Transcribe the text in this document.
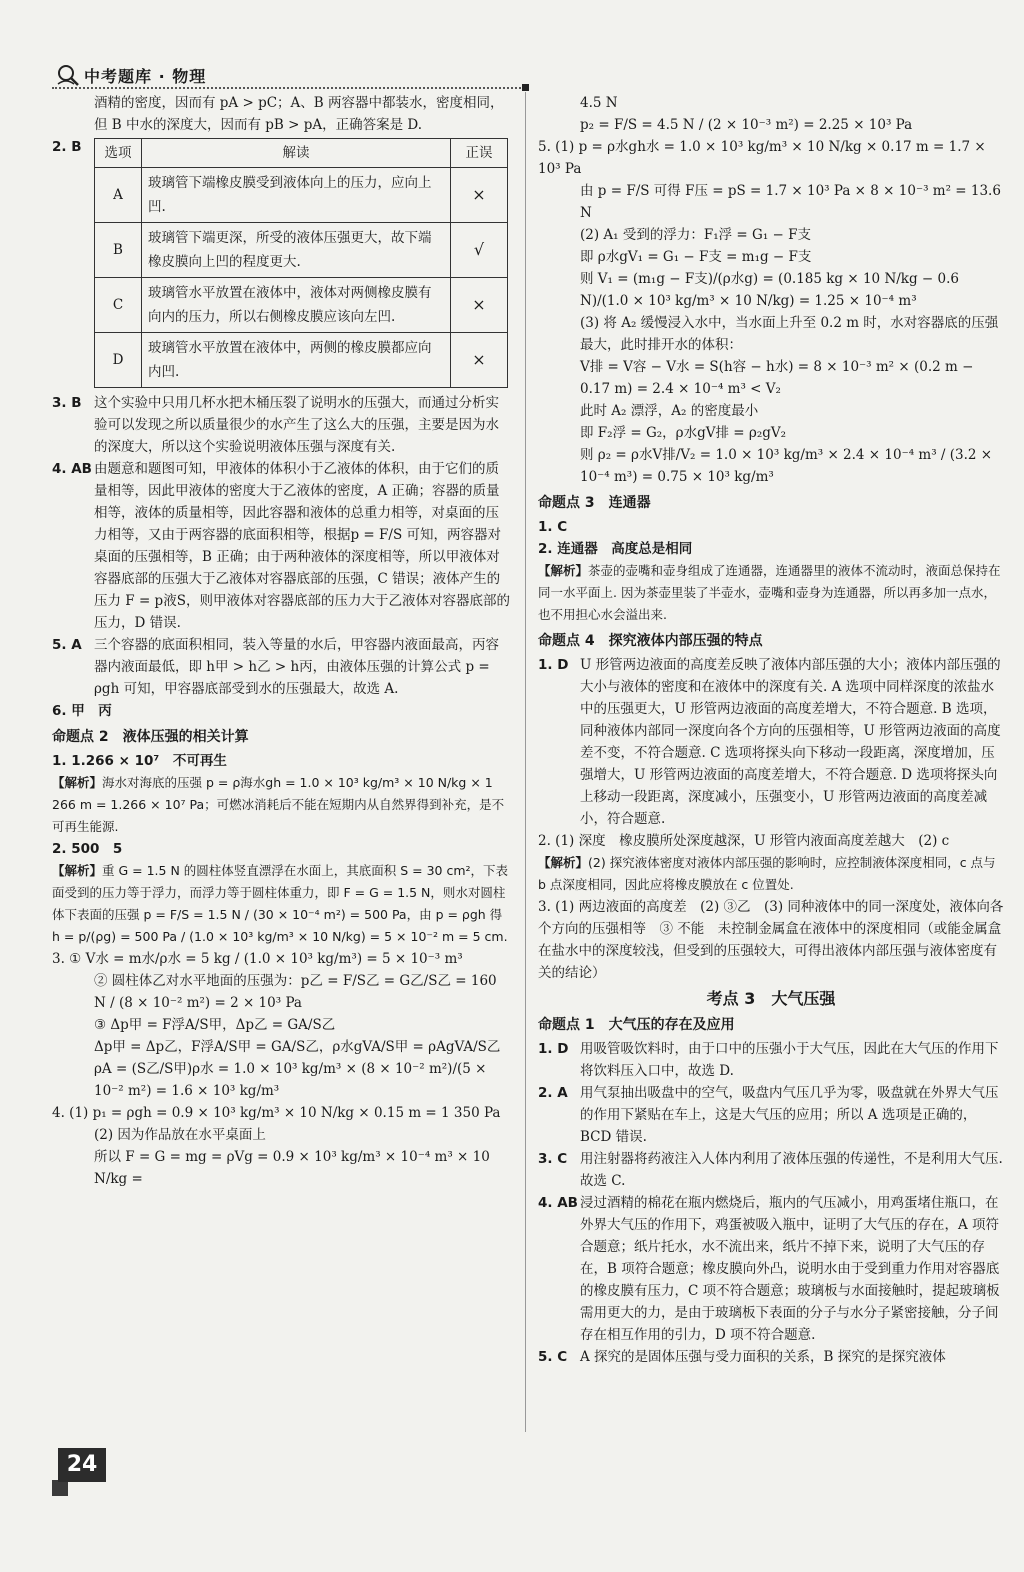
中考题库 · 物理

酒精的密度，因而有 pA > pC；A、B 两容器中都装水，密度相同，

但 B 中水的深度大，因而有 pB > pA，正确答案是 D.

2. B	选项	解读	正误
A	玻璃管下端橡皮膜受到液体向上的压力，应向上凹.	×
B	玻璃管下端更深，所受的液体压强更大，故下端橡皮膜向上凹的程度更大.	√
C	玻璃管水平放置在液体中，液体对两侧橡皮膜有向内的压力，所以右侧橡皮膜应该向左凹.	×
D	玻璃管水平放置在液体中，两侧的橡皮膜都应向内凹.	×
3. B 这个实验中只用几杯水把木桶压裂了说明水的压强大，而通过分析实验可以发现之所以质量很少的水产生了这么大的压强，主要是因为水的深度大，所以这个实验说明液体压强与深度有关.

4. AB 由题意和题图可知，甲液体的体积小于乙液体的体积，由于它们的质量相等，因此甲液体的密度大于乙液体的密度，A 正确；容器的质量相等，液体的质量相等，因此容器和液体的总重力相等，对桌面的压力相等，又由于两容器的底面积相等，根据p = F/S 可知，两容器对桌面的压强相等，B 正确；由于两种液体的深度相等，所以甲液体对容器底部的压强大于乙液体对容器底部的压强，C 错误；液体产生的压力 F = p液S，则甲液体对容器底部的压力大于乙液体对容器底部的压力，D 错误.

5. A 三个容器的底面积相同，装入等量的水后，甲容器内液面最高，丙容器内液面最低，即 h甲 > h乙 > h丙，由液体压强的计算公式 p = ρgh 可知，甲容器底部受到水的压强最大，故选 A.

6. 甲　丙
命题点 2　液体压强的相关计算

1. 1.266 × 10⁷　不可再生

【解析】海水对海底的压强 p = ρ海水gh = 1.0 × 10³ kg/m³ × 10 N/kg × 1 266 m = 1.266 × 10⁷ Pa；可燃冰消耗后不能在短期内从自然界得到补充，是不可再生能源.

2. 500　5

【解析】重 G = 1.5 N 的圆柱体竖直漂浮在水面上，其底面积 S = 30 cm²，下表面受到的压力等于浮力，而浮力等于圆柱体重力，即 F = G = 1.5 N，则水对圆柱体下表面的压强 p = F/S = 1.5 N / (30 × 10⁻⁴ m²) = 500 Pa，由 p = ρgh 得 h = p/(ρg) = 500 Pa / (1.0 × 10³ kg/m³ × 10 N/kg) = 5 × 10⁻² m = 5 cm.

3. ① V水 = m水/ρ水 = 5 kg / (1.0 × 10³ kg/m³) = 5 × 10⁻³ m³

② 圆柱体乙对水平地面的压强为：p乙 = F/S乙 = G乙/S乙 = 160 N / (8 × 10⁻² m²) = 2 × 10³ Pa

③ Δp甲 = F浮A/S甲，Δp乙 = GA/S乙

Δp甲 = Δp乙，F浮A/S甲 = GA/S乙，ρ水gVA/S甲 = ρAgVA/S乙

ρA = (S乙/S甲)ρ水 = 1.0 × 10³ kg/m³ × (8 × 10⁻² m²)/(5 × 10⁻² m²) = 1.6 × 10³ kg/m³

4. (1) p₁ = ρgh = 0.9 × 10³ kg/m³ × 10 N/kg × 0.15 m = 1 350 Pa

(2) 因为作品放在水平桌面上

所以 F = G = mg = ρVg = 0.9 × 10³ kg/m³ × 10⁻⁴ m³ × 10 N/kg =

4.5 N

p₂ = F/S = 4.5 N / (2 × 10⁻³ m²) = 2.25 × 10³ Pa

5. (1) p = ρ水gh水 = 1.0 × 10³ kg/m³ × 10 N/kg × 0.17 m = 1.7 × 10³ Pa

由 p = F/S 可得 F压 = pS = 1.7 × 10³ Pa × 8 × 10⁻³ m² = 13.6 N

(2) A₁ 受到的浮力：F₁浮 = G₁ − F支

即 ρ水gV₁ = G₁ − F支 = m₁g − F支

则 V₁ = (m₁g − F支)/(ρ水g) = (0.185 kg × 10 N/kg − 0.6 N)/(1.0 × 10³ kg/m³ × 10 N/kg) = 1.25 × 10⁻⁴ m³

(3) 将 A₂ 缓慢浸入水中，当水面上升至 0.2 m 时，水对容器底的压强最大，此时排开水的体积：

V排 = V容 − V水 = S(h容 − h水) = 8 × 10⁻³ m² × (0.2 m − 0.17 m) = 2.4 × 10⁻⁴ m³ < V₂

此时 A₂ 漂浮，A₂ 的密度最小

即 F₂浮 = G₂，ρ水gV排 = ρ₂gV₂

则 ρ₂ = ρ水V排/V₂ = 1.0 × 10³ kg/m³ × 2.4 × 10⁻⁴ m³ / (3.2 × 10⁻⁴ m³) = 0.75 × 10³ kg/m³

命题点 3　连通器

1. C

2. 连通器　高度总是相同

【解析】茶壶的壶嘴和壶身组成了连通器，连通器里的液体不流动时，液面总保持在同一水平面上. 因为茶壶里装了半壶水，壶嘴和壶身为连通器，所以再多加一点水，也不用担心水会溢出来.

命题点 4　探究液体内部压强的特点
1. D U 形管两边液面的高度差反映了液体内部压强的大小；液体内部压强的大小与液体的密度和在液体中的深度有关. A 选项中同样深度的浓盐水中的压强更大，U 形管两边液面的高度差增大，不符合题意. B 选项，同种液体内部同一深度向各个方向的压强相等，U 形管两边液面的高度差不变，不符合题意. C 选项将探头向下移动一段距离，深度增加，压强增大，U 形管两边液面的高度差增大，不符合题意. D 选项将探头向上移动一段距离，深度减小，压强变小，U 形管两边液面的高度差减小，符合题意.

2. (1) 深度　橡皮膜所处深度越深，U 形管内液面高度差越大　(2) c

【解析】(2) 探究液体密度对液体内部压强的影响时，应控制液体深度相同，c 点与 b 点深度相同，因此应将橡皮膜放在 c 位置处.

3. (1) 两边液面的高度差　(2) ③乙　(3) 同种液体中的同一深度处，液体向各个方向的压强相等　③ 不能　未控制金属盒在液体中的深度相同（或能金属盒在盐水中的深度较浅，但受到的压强较大，可得出液体内部压强与液体密度有关的结论）

考点 3　大气压强
命题点 1　大气压的存在及应用
1. D 用吸管吸饮料时，由于口中的压强小于大气压，因此在大气压的作用下将饮料压入口中，故选 D.

2. A 用气泵抽出吸盘中的空气，吸盘内气压几乎为零，吸盘就在外界大气压的作用下紧贴在车上，这是大气压的应用；所以 A 选项是正确的，BCD 错误.

3. C 用注射器将药液注入人体内利用了液体压强的传递性，不是利用大气压. 故选 C.

4. AB 浸过酒精的棉花在瓶内燃烧后，瓶内的气压减小，用鸡蛋堵住瓶口，在外界大气压的作用下，鸡蛋被吸入瓶中，证明了大气压的存在，A 项符合题意；纸片托水，水不流出来，纸片不掉下来，说明了大气压的存在，B 项符合题意；橡皮膜向外凸，说明水由于受到重力作用对容器底的橡皮膜有压力，C 项不符合题意；玻璃板与水面接触时，提起玻璃板需用更大的力，是由于玻璃板下表面的分子与水分子紧密接触，分子间存在相互作用的引力，D 项不符合题意.

5. C A 探究的是固体压强与受力面积的关系，B 探究的是探究液体

24
